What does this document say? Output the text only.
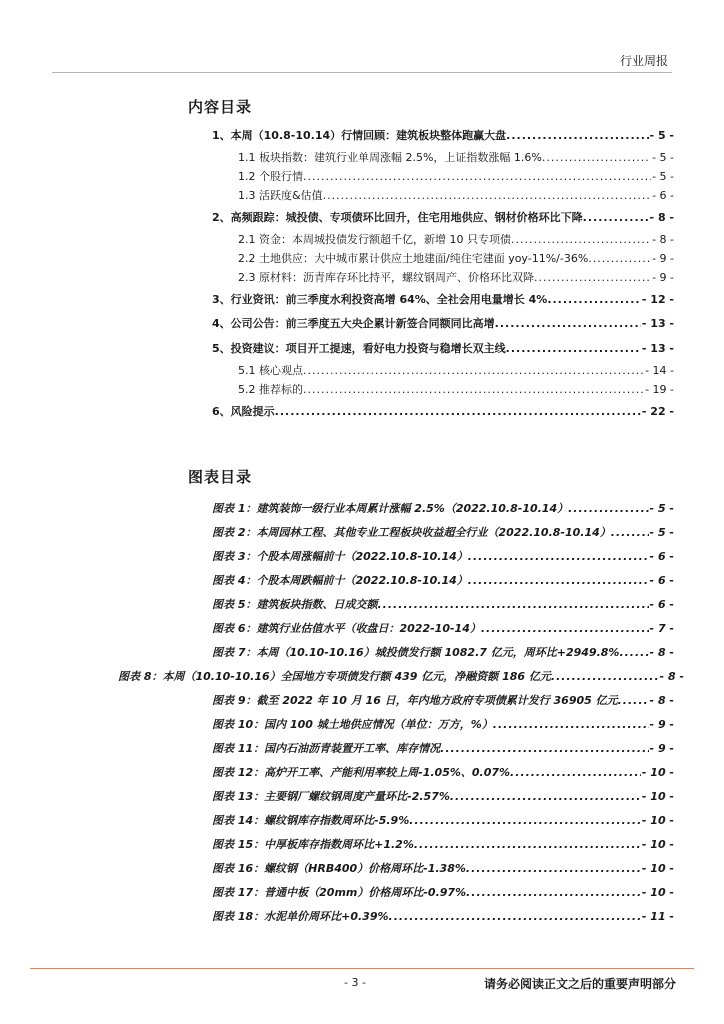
行业周报
内容目录
1、本周（10.8-10.14）行情回顾：建筑板块整体跑赢大盘 .....	- 5 -
1.1 板块指数：建筑行业单周涨幅 2.5%，上证指数涨幅 1.6% .....	- 5 -
1.2 个股行情 .....	- 5 -
1.3 活跃度&估值 .....	- 6 -
2、高频跟踪：城投债、专项债环比回升，住宅用地供应、钢材价格环比下降 .....	- 8 -
2.1 资金：本周城投债发行额超千亿，新增 10 只专项债 .....	- 8 -
2.2 土地供应：大中城市累计供应土地建面/纯住宅建面 yoy-11%/-36% .....	- 9 -
2.3 原材料：沥青库存环比持平，螺纹钢周产、价格环比双降 .....	- 9 -
3、行业资讯：前三季度水利投资高增 64%、全社会用电量增长 4% .....	- 12 -
4、公司公告：前三季度五大央企累计新签合同额同比高增 .....	- 13 -
5、投资建议：项目开工提速，看好电力投资与稳增长双主线 .....	- 13 -
5.1 核心观点 .....	- 14 -
5.2 推荐标的 .....	- 19 -
6、风险提示 .....	- 22 -
图表目录
图表 1：建筑装饰一级行业本周累计涨幅 2.5%（2022.10.8-10.14） .....	- 5 -
图表 2：本周园林工程、其他专业工程板块收益超全行业（2022.10.8-10.14） .....	- 5 -
图表 3：个股本周涨幅前十（2022.10.8-10.14） .....	- 6 -
图表 4：个股本周跌幅前十（2022.10.8-10.14） .....	- 6 -
图表 5：建筑板块指数、日成交额 .....	- 6 -
图表 6：建筑行业估值水平（收盘日：2022-10-14） .....	- 7 -
图表 7：本周（10.10-10.16）城投债发行额 1082.7 亿元，周环比+2949.8% .....	- 8 -
图表 8：本周（10.10-10.16）全国地方专项债发行额 439 亿元，净融资额 186 亿元 .....	- 8 -
图表 9：截至 2022 年 10 月 16 日，年内地方政府专项债累计发行 36905 亿元 .....	- 8 -
图表 10：国内 100 城土地供应情况（单位：万方，%） .....	- 9 -
图表 11：国内石油沥青装置开工率、库存情况 .....	- 9 -
图表 12：高炉开工率、产能利用率较上周-1.05%、0.07% .....	- 10 -
图表 13：主要钢厂螺纹钢周度产量环比-2.57% .....	- 10 -
图表 14：螺纹钢库存指数周环比-5.9% .....	- 10 -
图表 15：中厚板库存指数周环比+1.2% .....	- 10 -
图表 16：螺纹钢（HRB400）价格周环比-1.38% .....	- 10 -
图表 17：普通中板（20mm）价格周环比-0.97% .....	- 10 -
图表 18：水泥单价周环比+0.39% .....	- 11 -
- 3 -	请务必阅读正文之后的重要声明部分
